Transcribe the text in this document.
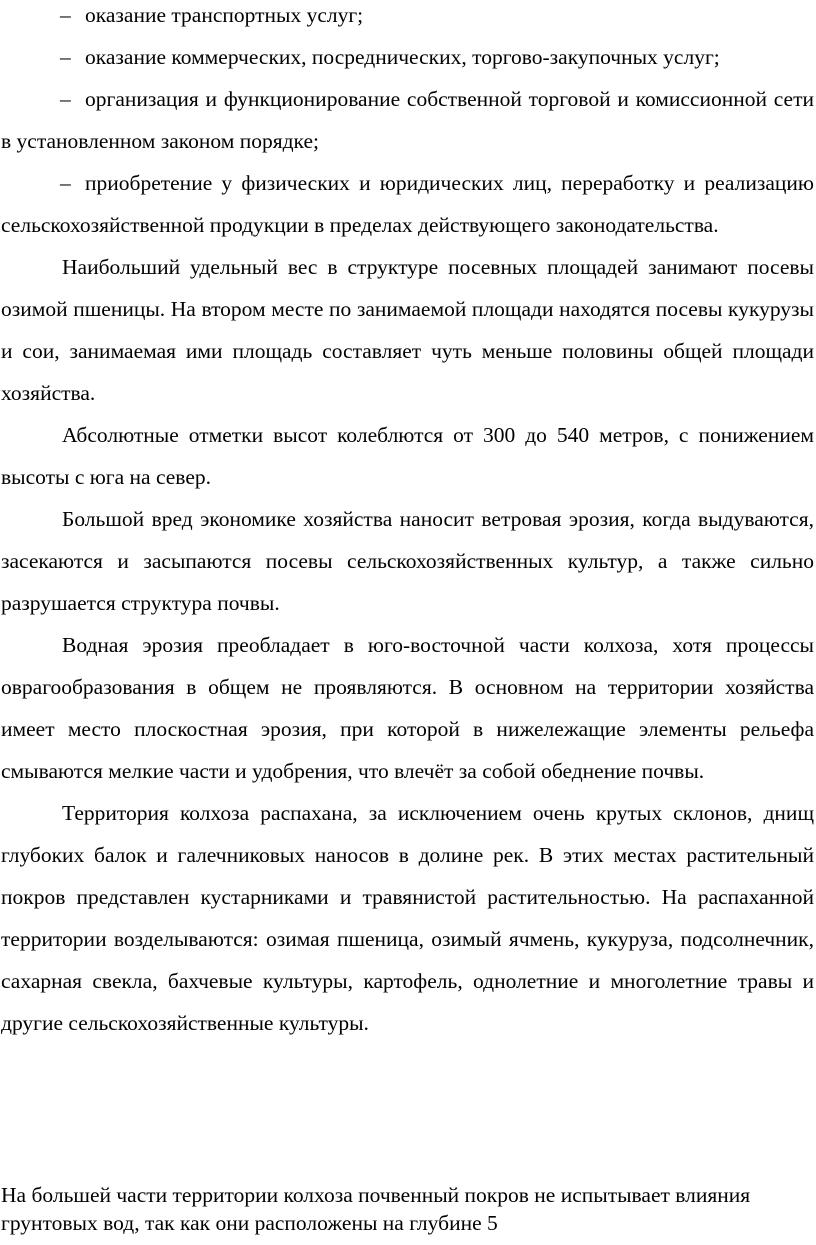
– оказание транспортных услуг;

– оказание коммерческих, посреднических, торгово-закупочных услуг;

– организация и функционирование собственной торговой и комиссионной сети в установленном законом порядке;

– приобретение у физических и юридических лиц, переработку и реализацию сельскохозяйственной продукции в пределах действующего законодательства.

Наибольший удельный вес в структуре посевных площадей занимают посевы озимой пшеницы. На втором месте по занимаемой площади находятся посевы кукурузы и сои, занимаемая ими площадь составляет чуть меньше половины общей площади хозяйства.

Абсолютные отметки высот колеблются от 300 до 540 метров, с понижением высоты с юга на север.

Большой вред экономике хозяйства наносит ветровая эрозия, когда выдуваются, засекаются и засыпаются посевы сельскохозяйственных культур, а также сильно разрушается структура почвы.

Водная эрозия преобладает в юго-восточной части колхоза, хотя процессы оврагообразования в общем не проявляются. В основном на территории хозяйства имеет место плоскостная эрозия, при которой в нижележащие элементы рельефа смываются мелкие части и удобрения, что влечёт за собой обеднение почвы.

Территория колхоза распахана, за исключением очень крутых склонов, днищ глубоких балок и галечниковых наносов в долине рек. В этих местах растительный покров представлен кустарниками и травянистой растительностью. На распаханной территории возделываются: озимая пшеница, озимый ячмень, кукуруза, подсолнечник, сахарная свекла, бахчевые культуры, картофель, однолетние и многолетние травы и другие сельскохозяйственные культуры.

На большей части территории колхоза почвенный покров не испытывает влияния грунтовых вод, так как они расположены на глубине 5
